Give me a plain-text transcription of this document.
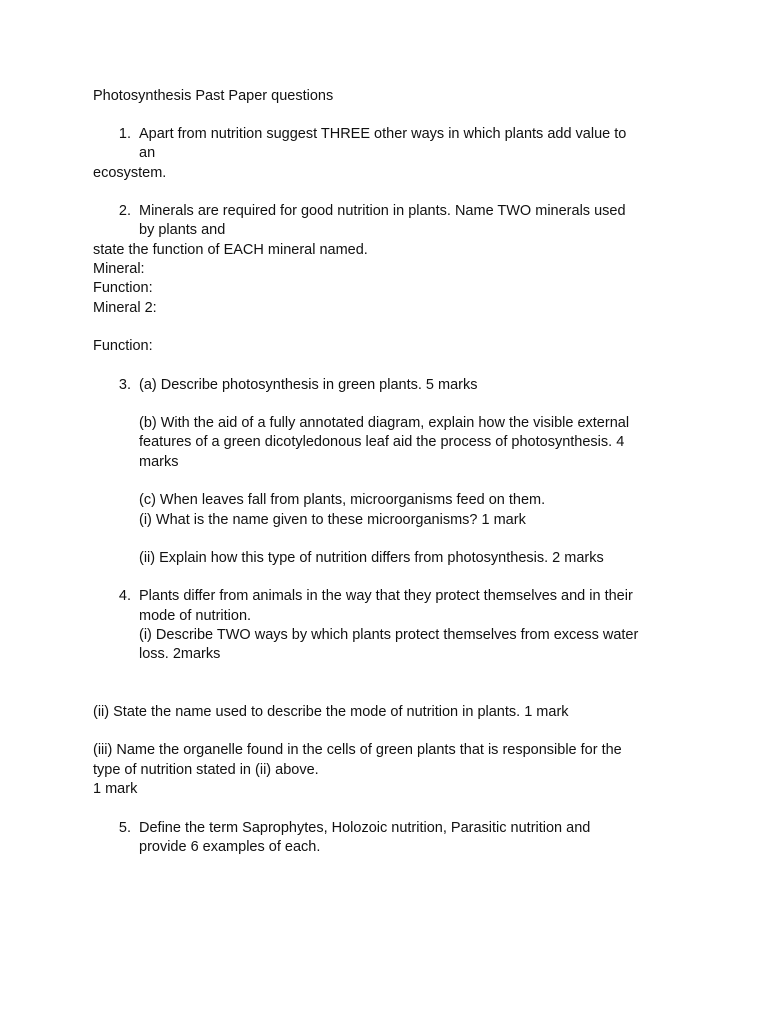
Photosynthesis Past Paper questions
1. Apart from nutrition suggest THREE other ways in which plants add value to
an
ecosystem.
2. Minerals are required for good nutrition in plants. Name TWO minerals used
by plants and
state the function of EACH mineral named.
Mineral:
Function:
Mineral 2:
Function:
3. (a) Describe photosynthesis in green plants. 5 marks
(b) With the aid of a fully annotated diagram, explain how the visible external
features of a green dicotyledonous leaf aid the process of photosynthesis. 4
marks
(c) When leaves fall from plants, microorganisms feed on them.
(i) What is the name given to these microorganisms? 1 mark
(ii) Explain how this type of nutrition differs from photosynthesis. 2 marks
4. Plants differ from animals in the way that they protect themselves and in their
mode of nutrition.
(i) Describe TWO ways by which plants protect themselves from excess water
loss. 2marks
(ii) State the name used to describe the mode of nutrition in plants. 1 mark
(iii) Name the organelle found in the cells of green plants that is responsible for the
type of nutrition stated in (ii) above.
1 mark
5. Define the term Saprophytes, Holozoic nutrition, Parasitic nutrition and
provide 6 examples of each.
